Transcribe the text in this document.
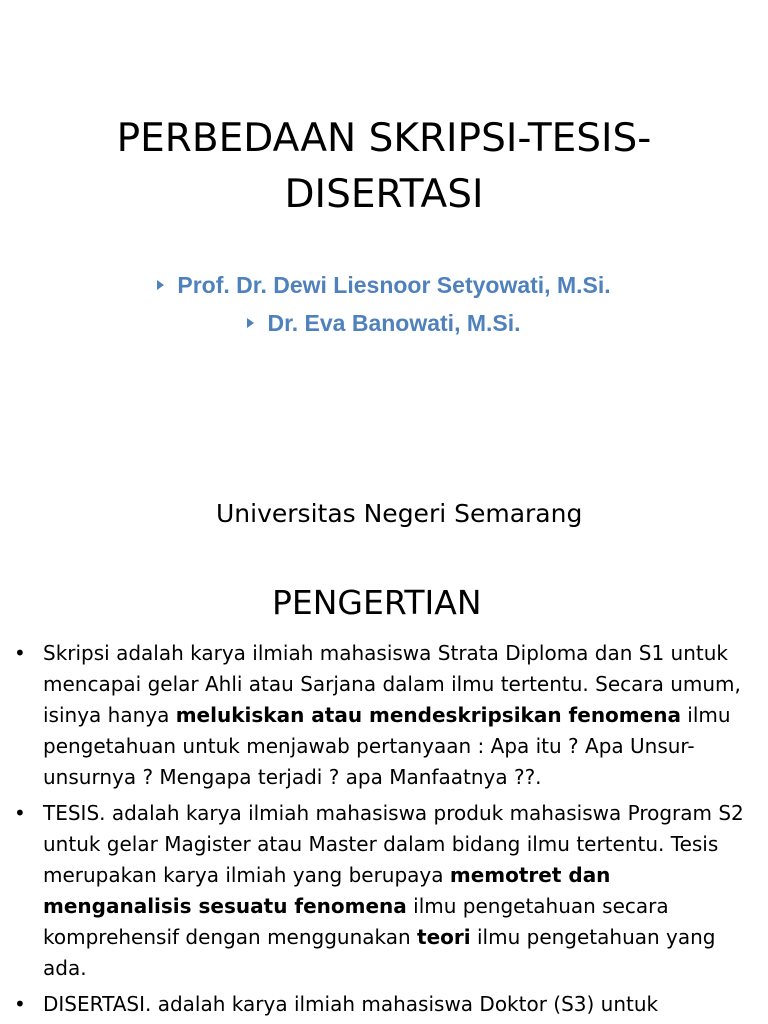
PERBEDAAN SKRIPSI-TESIS-DISERTASI
Prof. Dr. Dewi Liesnoor Setyowati, M.Si.
Dr. Eva Banowati, M.Si.
Universitas Negeri Semarang
PENGERTIAN
• Skripsi adalah karya ilmiah mahasiswa Strata Diploma dan S1 untuk mencapai gelar Ahli atau Sarjana dalam ilmu tertentu. Secara umum, isinya hanya melukiskan atau mendeskripsikan fenomena ilmu pengetahuan untuk menjawab pertanyaan : Apa itu ? Apa Unsur-unsurnya ? Mengapa terjadi ? apa Manfaatnya ??.
• TESIS. adalah karya ilmiah mahasiswa produk mahasiswa Program S2 untuk gelar Magister atau Master dalam bidang ilmu tertentu. Tesis merupakan karya ilmiah yang berupaya memotret dan menganalisis sesuatu fenomena ilmu pengetahuan secara komprehensif dengan menggunakan teori ilmu pengetahuan yang ada.
• DISERTASI. adalah karya ilmiah mahasiswa Doktor (S3) untuk
